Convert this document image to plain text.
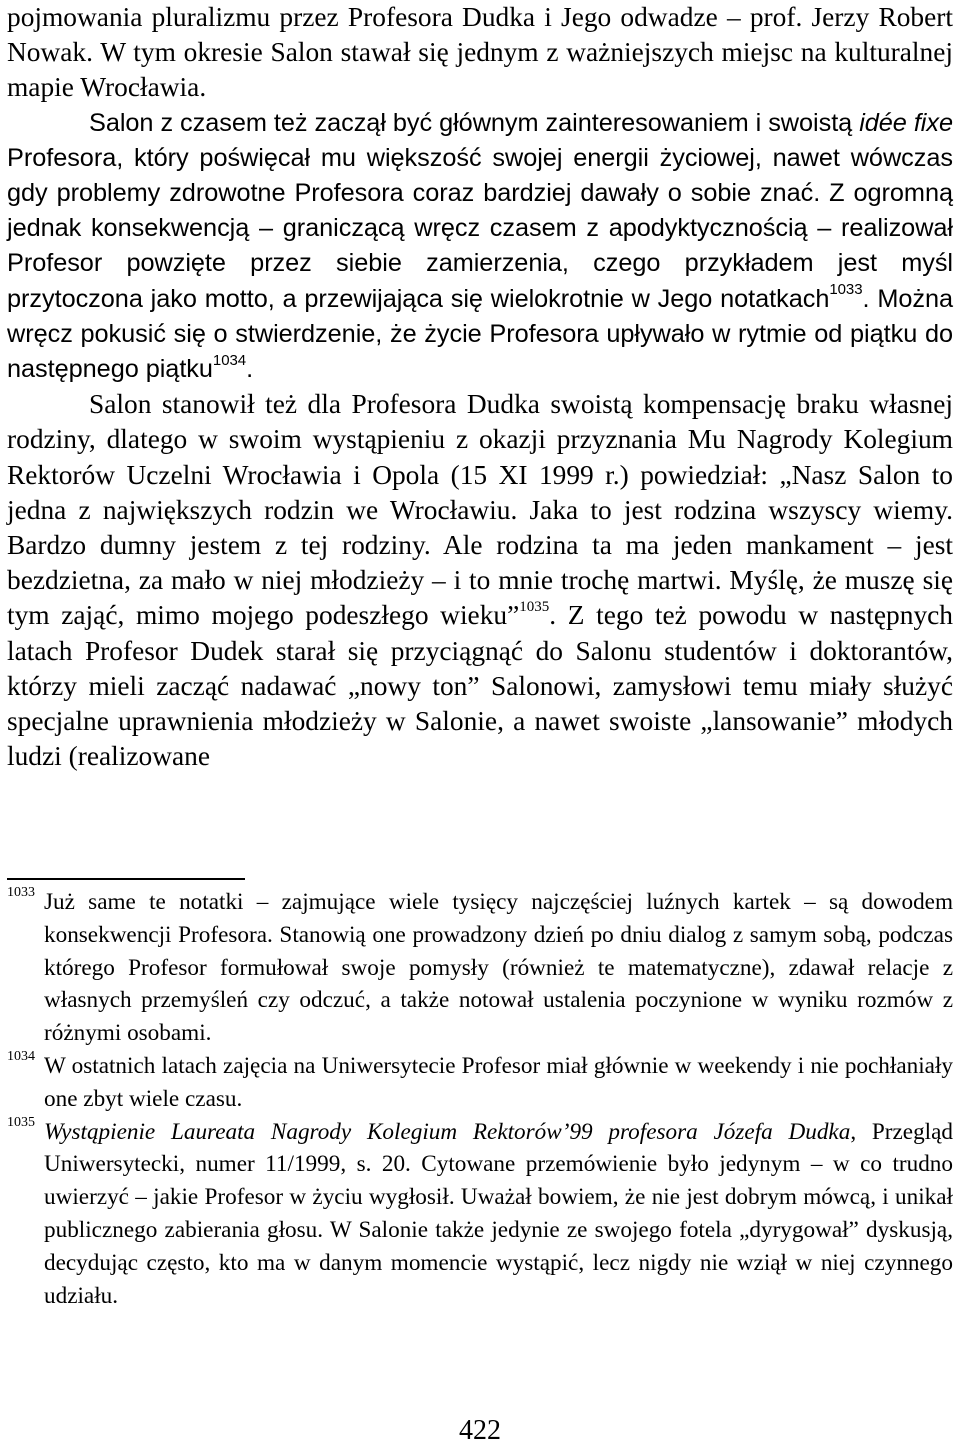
pojmowania pluralizmu przez Profesora Dudka i Jego odwadze – prof. Jerzy Robert Nowak. W tym okresie Salon stawał się jednym z ważniejszych miejsc na kulturalnej mapie Wrocławia.

Salon z czasem też zaczął być głównym zainteresowaniem i swoistą idée fixe Profesora, który poświęcał mu większość swojej energii życiowej, nawet wówczas gdy problemy zdrowotne Profesora coraz bardziej dawały o sobie znać. Z ogromną jednak konsekwencją – graniczącą wręcz czasem z apodyktycznością – realizował Profesor powzięte przez siebie zamierzenia, czego przykładem jest myśl przytoczona jako motto, a przewijająca się wielokrotnie w Jego notatkach$^{1033}$. Można wręcz pokusić się o stwierdzenie, że życie Profesora upływało w rytmie od piątku do następnego piątku$^{1034}$.

Salon stanowił też dla Profesora Dudka swoistą kompensację braku własnej rodziny, dlatego w swoim wystąpieniu z okazji przyznania Mu Nagrody Kolegium Rektorów Uczelni Wrocławia i Opola (15 XI 1999 r.) powiedział: „Nasz Salon to jedna z największych rodzin we Wrocławiu. Jaka to jest rodzina wszyscy wiemy. Bardzo dumny jestem z tej rodziny. Ale rodzina ta ma jeden mankament – jest bezdzietna, za mało w niej młodzieży – i to mnie trochę martwi. Myślę, że muszę się tym zająć, mimo mojego podeszłego wieku”$^{1035}$. Z tego też powodu w następnych latach Profesor Dudek starał się przyciągnąć do Salonu studentów i doktorantów, którzy mieli zacząć nadawać „nowy ton” Salonowi, zamysłowi temu miały służyć specjalne uprawnienia młodzieży w Salonie, a nawet swoiste „lansowanie” młodych ludzi (realizowane

1033 Już same te notatki – zajmujące wiele tysięcy najczęściej luźnych kartek – są dowodem konsekwencji Profesora. Stanowią one prowadzony dzień po dniu dialog z samym sobą, podczas którego Profesor formułował swoje pomysły (również te matematyczne), zdawał relacje z własnych przemyśleń czy odczuć, a także notował ustalenia poczynione w wyniku rozmów z różnymi osobami.

1034 W ostatnich latach zajęcia na Uniwersytecie Profesor miał głównie w weekendy i nie pochłaniały one zbyt wiele czasu.

1035 Wystąpienie Laureata Nagrody Kolegium Rektorów’99 profesora Józefa Dudka, Przegląd Uniwersytecki, numer 11/1999, s. 20. Cytowane przemówienie było jedynym – w co trudno uwierzyć – jakie Profesor w życiu wygłosił. Uważał bowiem, że nie jest dobrym mówcą, i unikał publicznego zabierania głosu. W Salonie także jedynie ze swojego fotela „dyrygował” dyskusją, decydując często, kto ma w danym momencie wystąpić, lecz nigdy nie wziął w niej czynnego udziału.

422
